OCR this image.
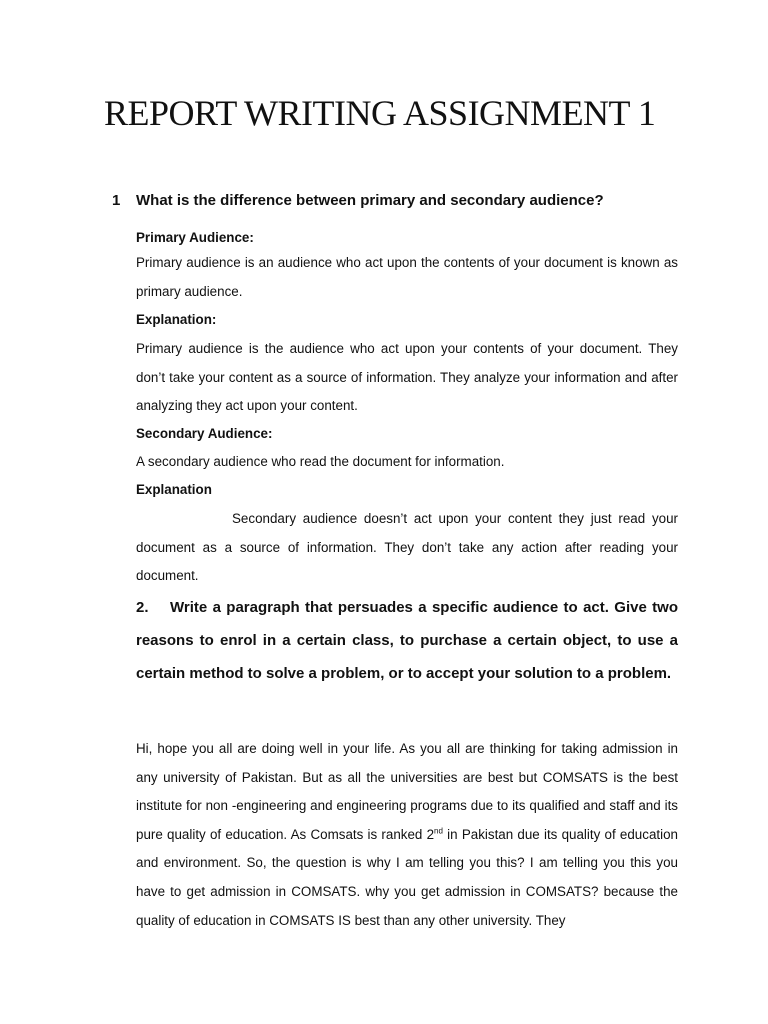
REPORT WRITING ASSIGNMENT 1
1 What is the difference between primary and secondary audience?
Primary Audience:
Primary audience is an audience who act upon the contents of your document is known as primary audience.
Explanation:
Primary audience is the audience who act upon your contents of your document. They don’t take your content as a source of information. They analyze your information and after analyzing they act upon your content.
Secondary Audience:
A secondary audience who read the document for information.
Explanation
Secondary audience doesn’t act upon your content they just read your document as a source of information. They don’t take any action after reading your document.
2. Write a paragraph that persuades a specific audience to act. Give two reasons to enrol in a certain class, to purchase a certain object, to use a certain method to solve a problem, or to accept your solution to a problem.
Hi, hope you all are doing well in your life. As you all are thinking for taking admission in any university of Pakistan. But as all the universities are best but COMSATS is the best institute for non -engineering and engineering programs due to its qualified and staff and its pure quality of education. As Comsats is ranked 2nd in Pakistan due its quality of education and environment. So, the question is why I am telling you this? I am telling you this you have to get admission in COMSATS. why you get admission in COMSATS? because the quality of education in COMSATS IS best than any other university. They
